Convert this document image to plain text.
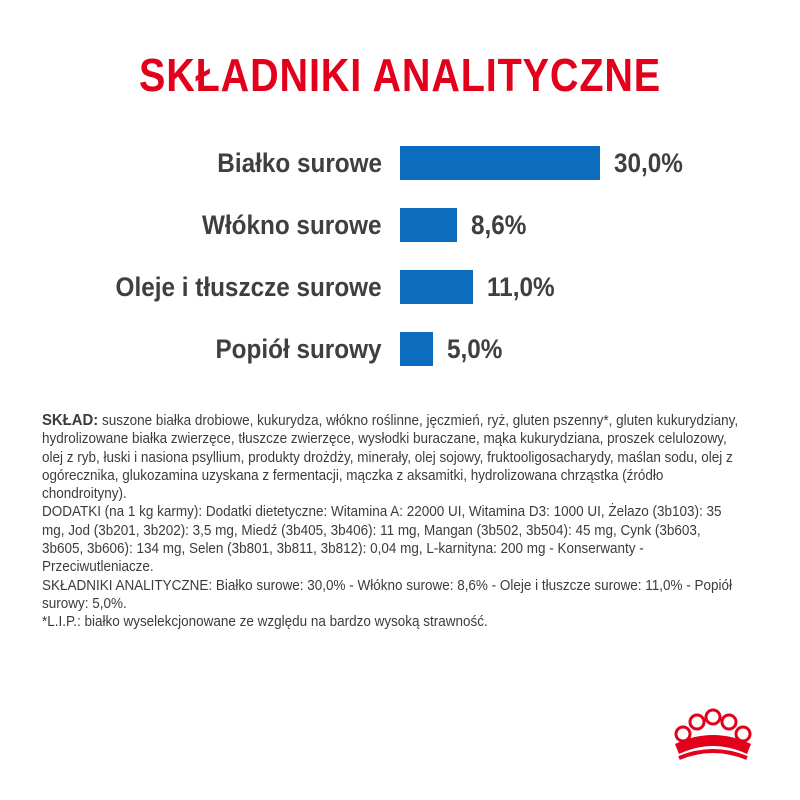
SKŁADNIKI ANALITYCZNE
Białko surowe	30,0%
Włókno surowe	8,6%
Oleje i tłuszcze surowe	11,0%
Popiół surowy 5,0%

SKŁAD: suszone białka drobiowe, kukurydza, włókno roślinne, jęczmień, ryż, gluten pszenny*, gluten kukurydziany, hydrolizowane białka zwierzęce, tłuszcze zwierzęce, wysłodki buraczane, mąka kukurydziana, proszek celulozowy, olej z ryb, łuski i nasiona psyllium, produkty drożdży, minerały, olej sojowy, fruktooligosacharydy, maślan sodu, olej z ogórecznika, glukozamina uzyskana z fermentacji, mączka z aksamitki, hydrolizowana chrząstka (źródło chondroityny).

DODATKI (na 1 kg karmy): Dodatki dietetyczne: Witamina A: 22000 UI, Witamina D3: 1000 UI, Żelazo (3b103): 35 mg, Jod (3b201, 3b202): 3,5 mg, Miedź (3b405, 3b406): 11 mg, Mangan (3b502, 3b504): 45 mg, Cynk (3b603, 3b605, 3b606): 134 mg, Selen (3b801, 3b811, 3b812): 0,04 mg, L-karnityna: 200 mg - Konserwanty - Przeciwutleniacze.

SKŁADNIKI ANALITYCZNE: Białko surowe: 30,0% - Włókno surowe: 8,6% - Oleje i tłuszcze surowe: 11,0% - Popiół surowy: 5,0%.

*L.I.P.: białko wyselekcjonowane ze względu na bardzo wysoką strawność.
